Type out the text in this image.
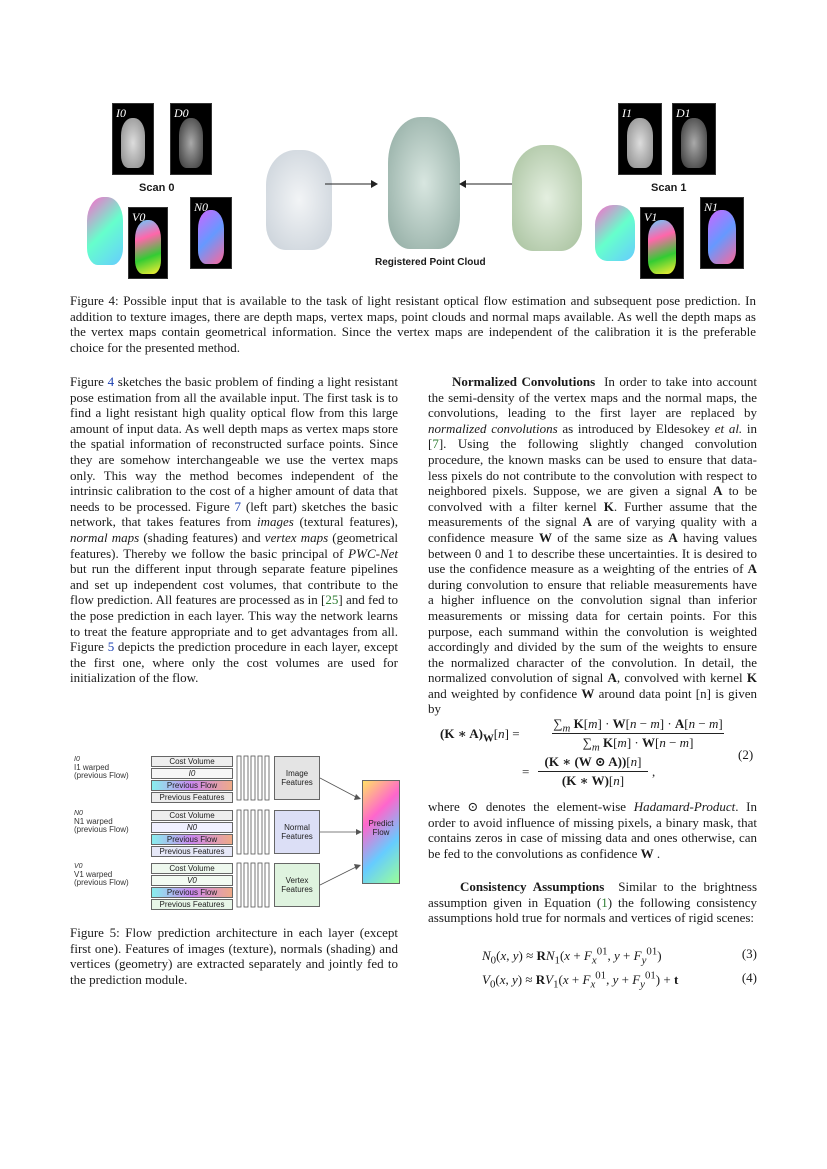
I0	D0
Scan 0
V0
N0
Registered Point Cloud
I1	D1
Scan 1
V1
N1
Figure 4: Possible input that is available to the task of light resistant optical flow estimation and subsequent pose prediction. In addition to texture images, there are depth maps, vertex maps, point clouds and normal maps available. As well the depth maps as the vertex maps contain geometrical information. Since the vertex maps are independent of the calibration it is the preferable choice for the presented method.

Figure 4 sketches the basic problem of finding a light resistant pose estimation from all the available input. The first task is to find a light resistant high quality optical flow from this large amount of input data. As well depth maps as vertex maps store the spatial information of reconstructed surface points. Since they are somehow interchangeable we use the vertex maps only. This way the method becomes independent of the intrinsic calibration to the cost of a higher amount of data that needs to be processed. Figure 7 (left part) sketches the basic network, that takes features from images (textural features), normal maps (shading features) and vertex maps (geometrical features). Thereby we follow the basic principal of PWC-Net but run the different input through separate feature pipelines and set up independent cost volumes, that contribute to the flow prediction. All features are processed as in [25] and fed to the pose prediction in each layer. This way the network learns to treat the feature appropriate and to get advantages from all. Figure 5 depicts the prediction procedure in each layer, except the first one, where only the cost volumes are used for initialization of the flow.

I0
I1 warped
(previous Flow)
Cost Volume
I0
Previous Flow
Previous Features
Image Features
N0
N1 warped
(previous Flow)
Cost Volume
N0
Previous Flow
Previous Features
Normal Features
V0
V1 warped
(previous Flow)
Cost Volume
V0
Previous Flow
Previous Features
Vertex Features
Predict Flow
Figure 5: Flow prediction architecture in each layer (except first one). Features of images (texture), normals (shading) and vertices (geometry) are extracted separately and jointly fed to the prediction module.

Normalized Convolutions In order to take into account the semi-density of the vertex maps and the normal maps, the convolutions, leading to the first layer are replaced by normalized convolutions as introduced by Eldesokey et al. in [7]. Using the following slightly changed convolution procedure, the known masks can be used to ensure that data-less pixels do not contribute to the convolution with respect to neighbored pixels. Suppose, we are given a signal A to be convolved with a filter kernel K. Further assume that the measurements of the signal A are of varying quality with a confidence measure W of the same size as A having values between 0 and 1 to describe these uncertainties. It is desired to use the confidence measure as a weighting of the entries of A during convolution to ensure that reliable measurements have a higher influence on the convolution signal than inferior measurements or missing data for certain points. For this purpose, each summand within the convolution is weighted accordingly and divided by the sum of the weights to ensure the normalized character of the convolution. In detail, the normalized convolution of signal A, convolved with kernel K and weighted by confidence W around data point [n] is given by

(K ∗ $A)_W[n]$ =
$\sum_m$ K[m] · W[n − m] · A[n − m]
$\sum_m$ K[m] · W[n − m]
=
(K ∗ (W ⊙ A))[n]
(K ∗ W)[n]
,
(2)
where ⊙ denotes the element-wise Hadamard-Product. In order to avoid influence of missing pixels, a binary mask, that contains zeros in case of missing data and ones otherwise, can be fed to the convolutions as confidence W .
Consistency Assumptions Similar to the brightness assumption given in Equation (1) the following consistency assumptions hold true for normals and vertices of rigid scenes:
$N_0(x$, $y) \approx RN_1(x + F_x^{01}$, $y + F_y^{01}$)	(3)
$V_0(x$, $y) \approx RV_1(x + F_x^{01}$, $y + F_y^{01}) + t$	(4)
